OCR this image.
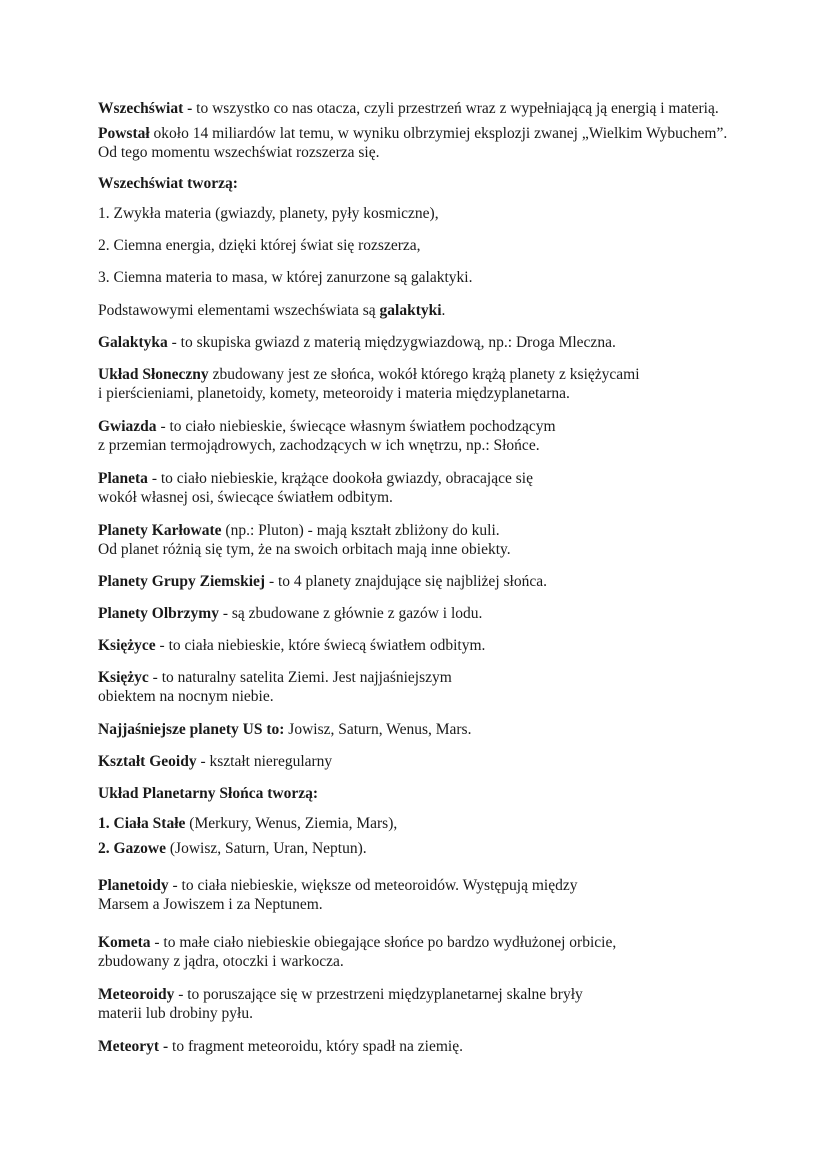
Wszechświat - to wszystko co nas otacza, czyli przestrzeń wraz z wypełniającą ją energią i materią.
Powstał około 14 miliardów lat temu, w wyniku olbrzymiej eksplozji zwanej „Wielkim Wybuchem”.
Od tego momentu wszechświat rozszerza się.
Wszechświat tworzą:
1. Zwykła materia (gwiazdy, planety, pyły kosmiczne),
2. Ciemna energia, dzięki której świat się rozszerza,
3. Ciemna materia to masa, w której zanurzone są galaktyki.
Podstawowymi elementami wszechświata są galaktyki.
Galaktyka - to skupiska gwiazd z materią międzygwiazdową, np.: Droga Mleczna.
Układ Słoneczny zbudowany jest ze słońca, wokół którego krążą planety z księżycami
i pierścieniami, planetoidy, komety, meteoroidy i materia międzyplanetarna.
Gwiazda - to ciało niebieskie, świecące własnym światłem pochodzącym
z przemian termojądrowych, zachodzących w ich wnętrzu, np.: Słońce.
Planeta - to ciało niebieskie, krążące dookoła gwiazdy, obracające się
wokół własnej osi, świecące światłem odbitym.
Planety Karłowate (np.: Pluton) - mają kształt zbliżony do kuli.
Od planet różnią się tym, że na swoich orbitach mają inne obiekty.
Planety Grupy Ziemskiej - to 4 planety znajdujące się najbliżej słońca.
Planety Olbrzymy - są zbudowane z głównie z gazów i lodu.
Księżyce - to ciała niebieskie, które świecą światłem odbitym.
Księżyc - to naturalny satelita Ziemi. Jest najjaśniejszym
obiektem na nocnym niebie.
Najjaśniejsze planety US to: Jowisz, Saturn, Wenus, Mars.
Kształt Geoidy - kształt nieregularny
Układ Planetarny Słońca tworzą:
1. Ciała Stałe (Merkury, Wenus, Ziemia, Mars),
2. Gazowe (Jowisz, Saturn, Uran, Neptun).
Planetoidy - to ciała niebieskie, większe od meteoroidów. Występują między
Marsem a Jowiszem i za Neptunem.
Kometa - to małe ciało niebieskie obiegające słońce po bardzo wydłużonej orbicie,
zbudowany z jądra, otoczki i warkocza.
Meteoroidy - to poruszające się w przestrzeni międzyplanetarnej skalne bryły
materii lub drobiny pyłu.
Meteoryt - to fragment meteoroidu, który spadł na ziemię.
